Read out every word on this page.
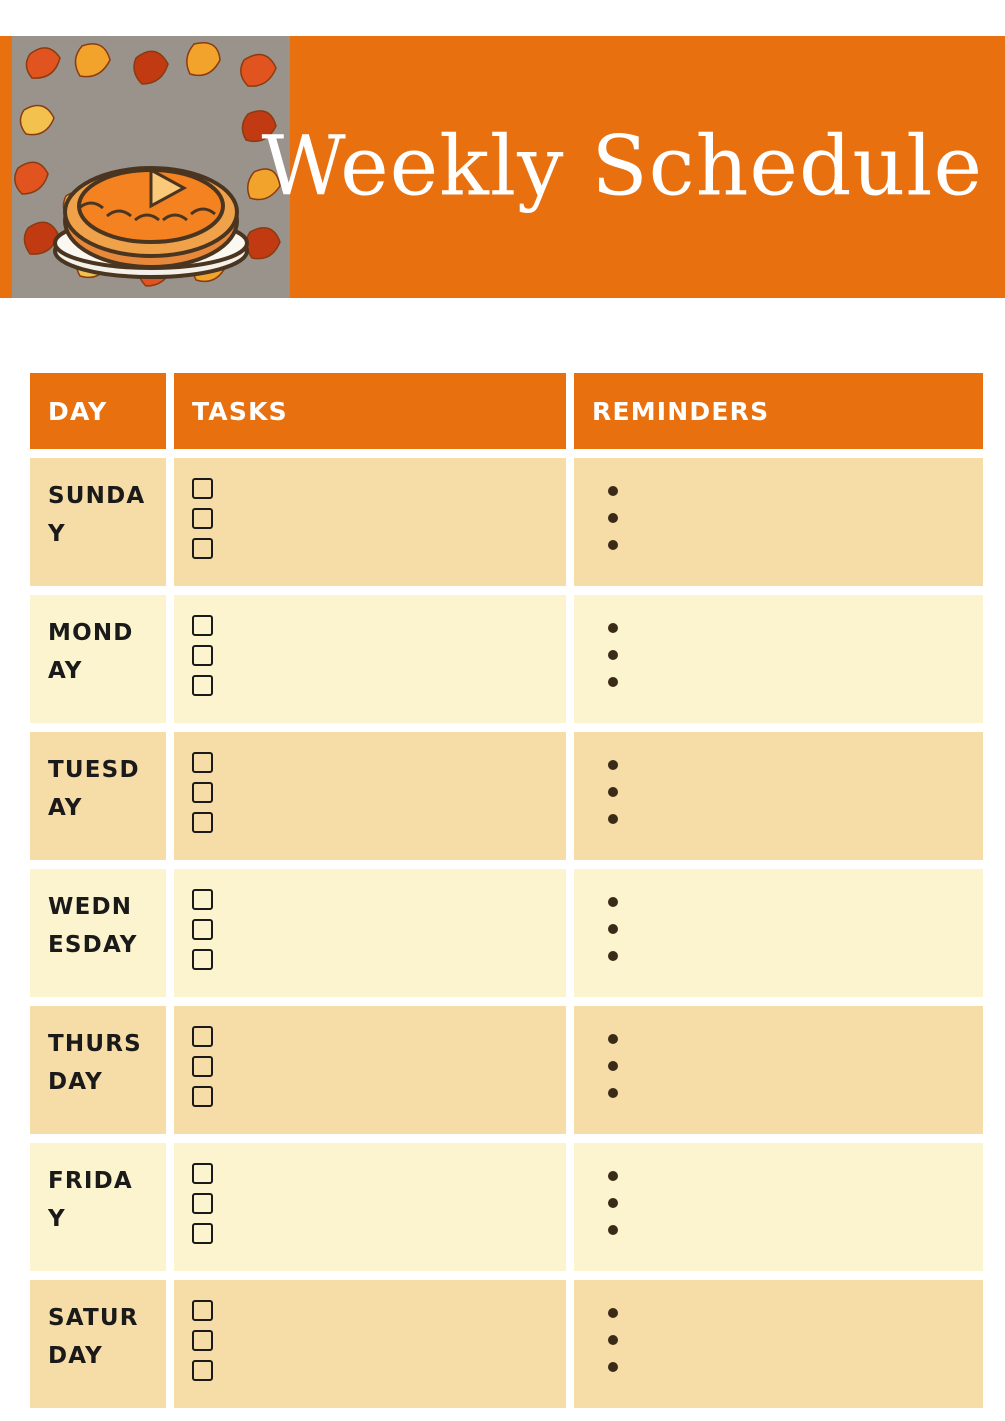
Weekly Schedule
DAY	TASKS	REMINDERS
SUNDAY
MONDAY
TUESDAY
WEDNESDAY
THURSDAY
FRIDAY
SATURDAY
